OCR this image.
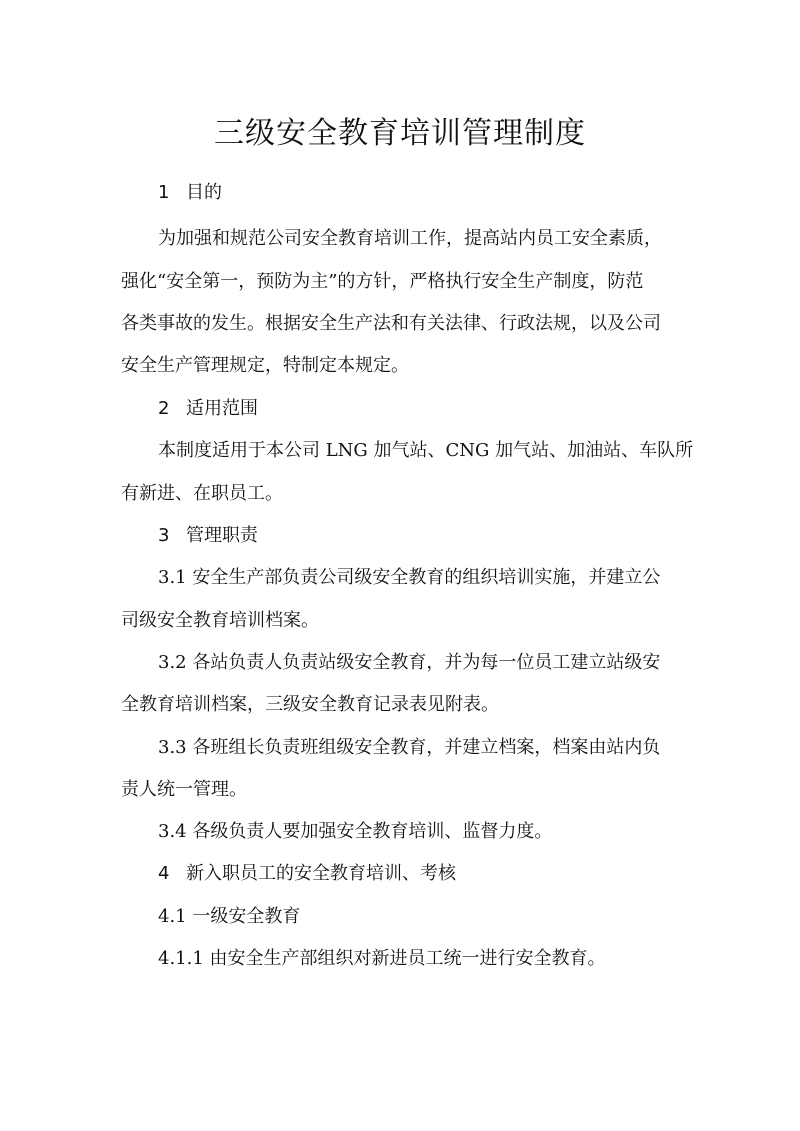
三级安全教育培训管理制度
1 目的
为加强和规范公司安全教育培训工作，提高站内员工安全素质，
强化“安全第一，预防为主”的方针，严格执行安全生产制度，防范
各类事故的发生。根据安全生产法和有关法律、行政法规，以及公司
安全生产管理规定，特制定本规定。
2 适用范围
本制度适用于本公司 LNG 加气站、CNG 加气站、加油站、车队所
有新进、在职员工。
3 管理职责
3.1 安全生产部负责公司级安全教育的组织培训实施，并建立公
司级安全教育培训档案。
3.2 各站负责人负责站级安全教育，并为每一位员工建立站级安
全教育培训档案，三级安全教育记录表见附表。
3.3 各班组长负责班组级安全教育，并建立档案，档案由站内负
责人统一管理。
3.4 各级负责人要加强安全教育培训、监督力度。
4 新入职员工的安全教育培训、考核
4.1 一级安全教育
4.1.1 由安全生产部组织对新进员工统一进行安全教育。
